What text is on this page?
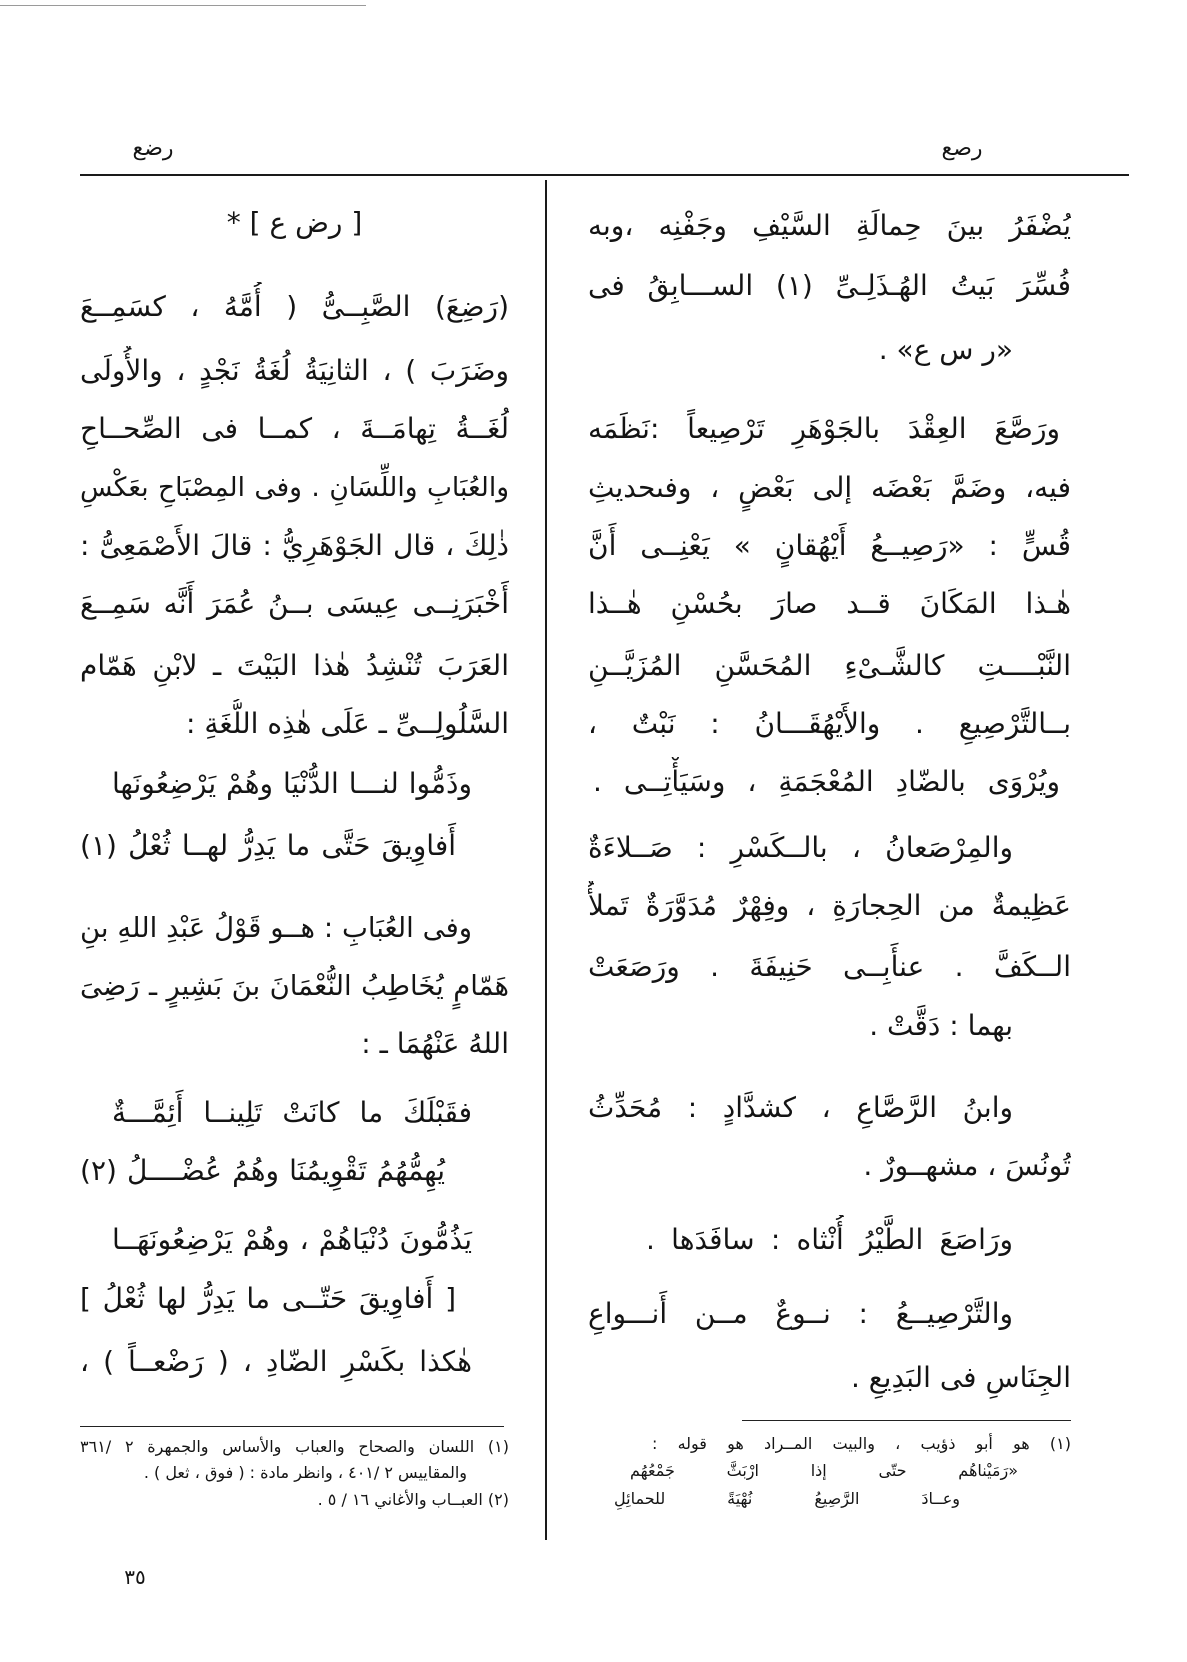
رضع	رصع
يُضْفَرُ بينَ حِمالَةِ السَّيْفِ وجَفْنِه ،وبه
فُسِّرَ بَيتُ الهُـذَلِـىِّ (١) الســـابِقُ فى
«ر س ع» .
ورَصَّعَ العِقْدَ بالجَوْهَرِ تَرْصِيعاً :نَظَمَه
فيه، وضَمَّ بَعْضَه إلى بَعْضٍ ، وفىحديثِ
قُسٍّ : «رَصِيــعُ أَيْهُقانٍ » يَعْنِــى أَنَّ
هٰـذا المَكَانَ قــد صارَ بحُسْنِ هٰــذا
النَّبْــــتِ كالشَّـىْءِ المُحَسَّنِ المُزَيَّــنِ
بــالتَّرْصِيعِ . والأَيْهُقَـــانُ : نَبْتٌ ،
ويُرْوَى بالضّادِ المُعْجَمَةِ ، وسَيَأْتِــى .
والمِرْصَعانُ ، بالــكَسْرِ : صَــلاءَةٌ
عَظِيمةٌ من الحِجارَةِ ، وفِهْرٌ مُدَوَّرَةٌ تَملأُ
الــكَفَّ . عنأَبِــى حَنِيفَةَ . ورَصَعَتْ
بهما : دَقَّتْ .
وابنُ الرَّصَّاعِ ، كشدَّادٍ : مُحَدِّثُ
تُونُسَ ، مشهــورٌ .
ورَاصَعَ الطَّيْرُ أُنْثاه : سافَدَها .
والتَّرْصِيــعُ : نــوعٌ مــن أَنـــواعِ
الجِنَاسِ فى البَدِيعِ .
(١) هو أبو ذؤيب ، والبيت المــراد هو قوله :
«رَمَيْناهُم حتّى إذا ارْبَثَّ جَمْعُهُم
وعــادَ الرَّصِيعُ نُهْيَةً للحمائِلِ
[ رض ع ] *
(رَضِعَ) الصَّبِــىُّ ( أُمَّهُ ، كسَمِــعَ
وضَرَبَ ) ، الثانِيَةُ لُغَةُ نَجْدٍ ، والأُولَى
لُغَــةُ تِهامَــةَ ، كمــا فى الصِّحــاحِ
والعُبَابِ واللِّسَانِ . وفى المِصْبَاحِ بعَكْسِ
ذٰلِكَ ، قال الجَوْهَرِيُّ : قالَ الأَصْمَعِىُّ :
أَخْبَرَنِــى عِيسَى بــنُ عُمَرَ أَنَّه سَمِــعَ
العَرَبَ تُنْشِدُ هٰذا البَيْتَ ـ لابْنِ هَمّام
السَّلُولِــىِّ ـ عَلَى هٰذِه اللُّغَةِ :
وذَمُّوا لنـــا الدُّنْيَا وهُمْ يَرْضِعُونَها
أَفاوِيقَ حَتَّى ما يَدِرُّ لهــا ثُعْلُ (١)
وفى العُبَابِ : هــو قَوْلُ عَبْدِ اللهِ بنِ
هَمّامٍ يُخَاطِبُ النُّعْمَانَ بنَ بَشِيرٍ ـ رَضِىَ
اللهُ عَنْهُمَا ـ :
فقَبْلَكَ ما كانَتْ تَلِينــا أَئِمَّـــةٌ
يُهِمُّهُمُ تَقْوِيمُنَا وهُمُ عُضْــــلُ (٢)
يَذُمُّونَ دُنْيَاهُمْ ، وهُمْ يَرْضِعُونَهَــا
[ أَفاوِيقَ حَتّــى ما يَدِرُّ لها ثُعْلُ ]
هٰكذا بكَسْرِ الضّادِ ، ( رَضْعــاً ) ،
(١) اللسان والصحاح والعباب والأساس والجمهرة ٢ /٣٦١
والمقاييس ٢ /٤٠١ ، وانظر مادة : ( فوق ، ثعل ) .
(٢) العبــاب والأغاني ١٦ / ٥ .
٣٥
